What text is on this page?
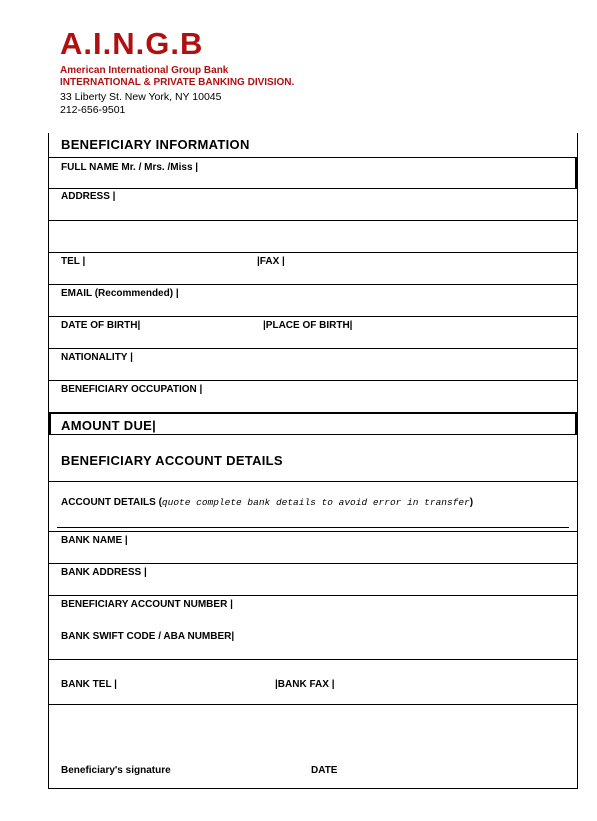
A.I.N.G.B
American International Group Bank
INTERNATIONAL & PRIVATE BANKING DIVISION.
33 Liberty St. New York, NY 10045
212-656-9501
BENEFICIARY INFORMATION
FULL NAME Mr. / Mrs. /Miss |
ADDRESS |
TEL |	|FAX |
EMAIL (Recommended) |
DATE OF BIRTH|	|PLACE OF BIRTH|
NATIONALITY |
BENEFICIARY OCCUPATION |
AMOUNT DUE|
BENEFICIARY ACCOUNT DETAILS
ACCOUNT DETAILS (quote complete bank details to avoid error in transfer)
BANK NAME |
BANK ADDRESS |
BENEFICIARY ACCOUNT NUMBER |
BANK SWIFT CODE / ABA NUMBER|
BANK TEL |	|BANK FAX |
´´´´´´´´´´´´´´´´´´´´´´´´´´´´´´´´´´´´´´´´´´´´´´´´´´´´´´´´´´´´´´´	´´´´´´´´´´´´´´´´´´´´´´´´´´´´´´´´´´´´´´´´´´´´´´´´´´´
Beneficiary's signature	DATE
